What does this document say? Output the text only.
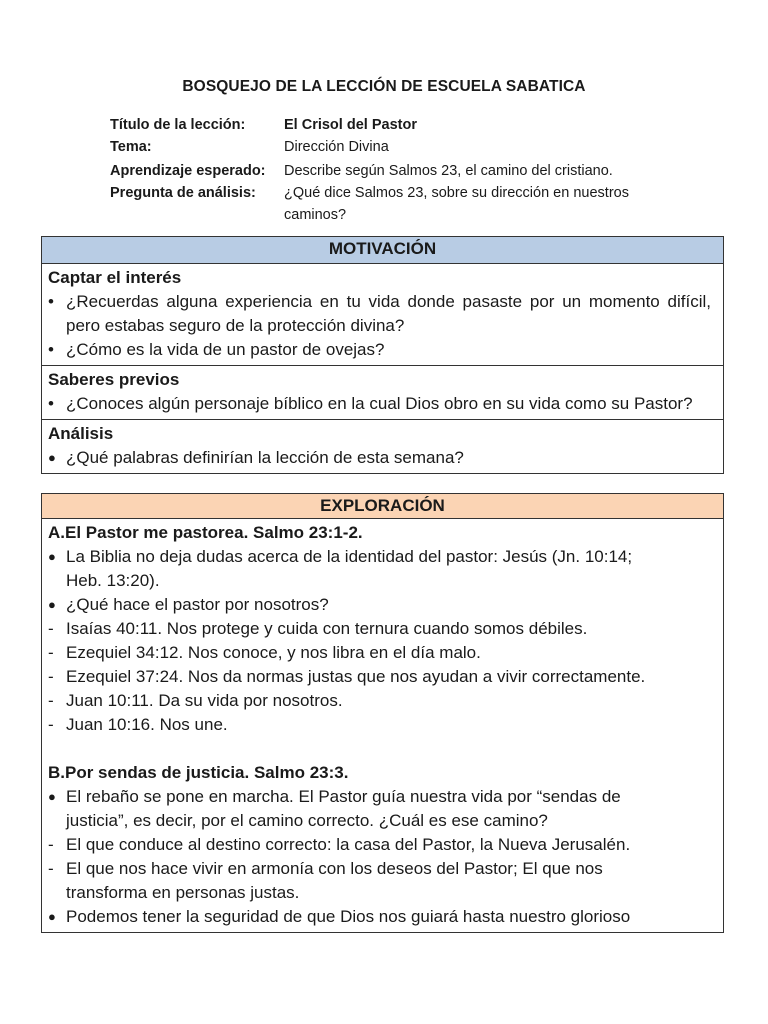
BOSQUEJO DE LA LECCIÓN DE ESCUELA SABATICA
Título de la lección:	El Crisol del Pastor
Tema:	Dirección Divina
Aprendizaje esperado:	Describe según Salmos 23, el camino del cristiano.
Pregunta de análisis:	¿Qué dice Salmos 23, sobre su dirección en nuestros
caminos?
MOTIVACIÓN

Captar el interés
• ¿Recuerdas alguna experiencia en tu vida donde pasaste por un momento difícil, pero estabas seguro de la protección divina?
• ¿Cómo es la vida de un pastor de ovejas?

Saberes previos
• ¿Conoces algún personaje bíblico en la cual Dios obro en su vida como su Pastor?

Análisis
● ¿Qué palabras definirían la lección de esta semana?
EXPLORACIÓN

A.El Pastor me pastorea. Salmo 23:1-2.
● La Biblia no deja dudas acerca de la identidad del pastor: Jesús (Jn. 10:14;
Heb. 13:20).
● ¿Qué hace el pastor por nosotros?
- Isaías 40:11. Nos protege y cuida con ternura cuando somos débiles.
- Ezequiel 34:12. Nos conoce, y nos libra en el día malo.
- Ezequiel 37:24. Nos da normas justas que nos ayudan a vivir correctamente.
- Juan 10:11. Da su vida por nosotros.
- Juan 10:16. Nos une.
B.Por sendas de justicia. Salmo 23:3.
● El rebaño se pone en marcha. El Pastor guía nuestra vida por “sendas de
justicia”, es decir, por el camino correcto. ¿Cuál es ese camino?
- El que conduce al destino correcto: la casa del Pastor, la Nueva Jerusalén.
- El que nos hace vivir en armonía con los deseos del Pastor; El que nos
transforma en personas justas.
● Podemos tener la seguridad de que Dios nos guiará hasta nuestro glorioso
